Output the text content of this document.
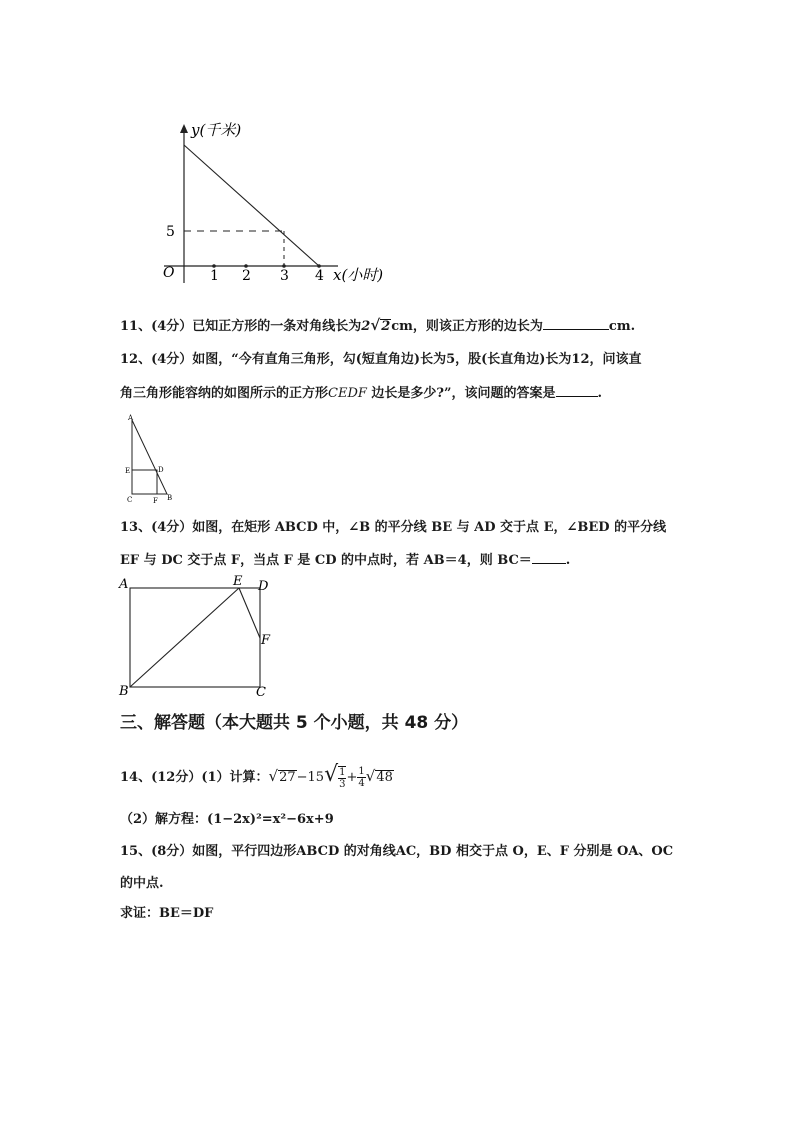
y(千米)
O
5
1 2 3 4 x(小时)
11、(4分）已知正方形的一条对角线长为2√2cm，则该正方形的边长为	cm.
12、(4分）如图，“今有直角三角形，勾(短直角边)长为5，股(长直角边)长为12，问该直
角三角形能容纳的如图所示的正方形CEDF 边长是多少?”，该问题的答案是	.
A
E	D
C	F B
13、(4分）如图，在矩形 ABCD 中，∠B 的平分线 BE 与 AD 交于点 E，∠BED 的平分线
EF 与 DC 交于点 F，当点 F 是 CD 的中点时，若 AB＝4，则 BC＝	.
A	E D
F
B	C
三、解答题（本大题共 5 个小题，共 48 分）
14、(12分）(1）计算：$√27-15√ \frac{1}{3} + \frac{1}{4} √48$
（2）解方程：(1−2x)²=x²−6x+9
15、(8分）如图，平行四边形ABCD 的对角线AC，BD 相交于点 O，E、F 分别是 OA、OC
的中点.
求证：BE＝DF
